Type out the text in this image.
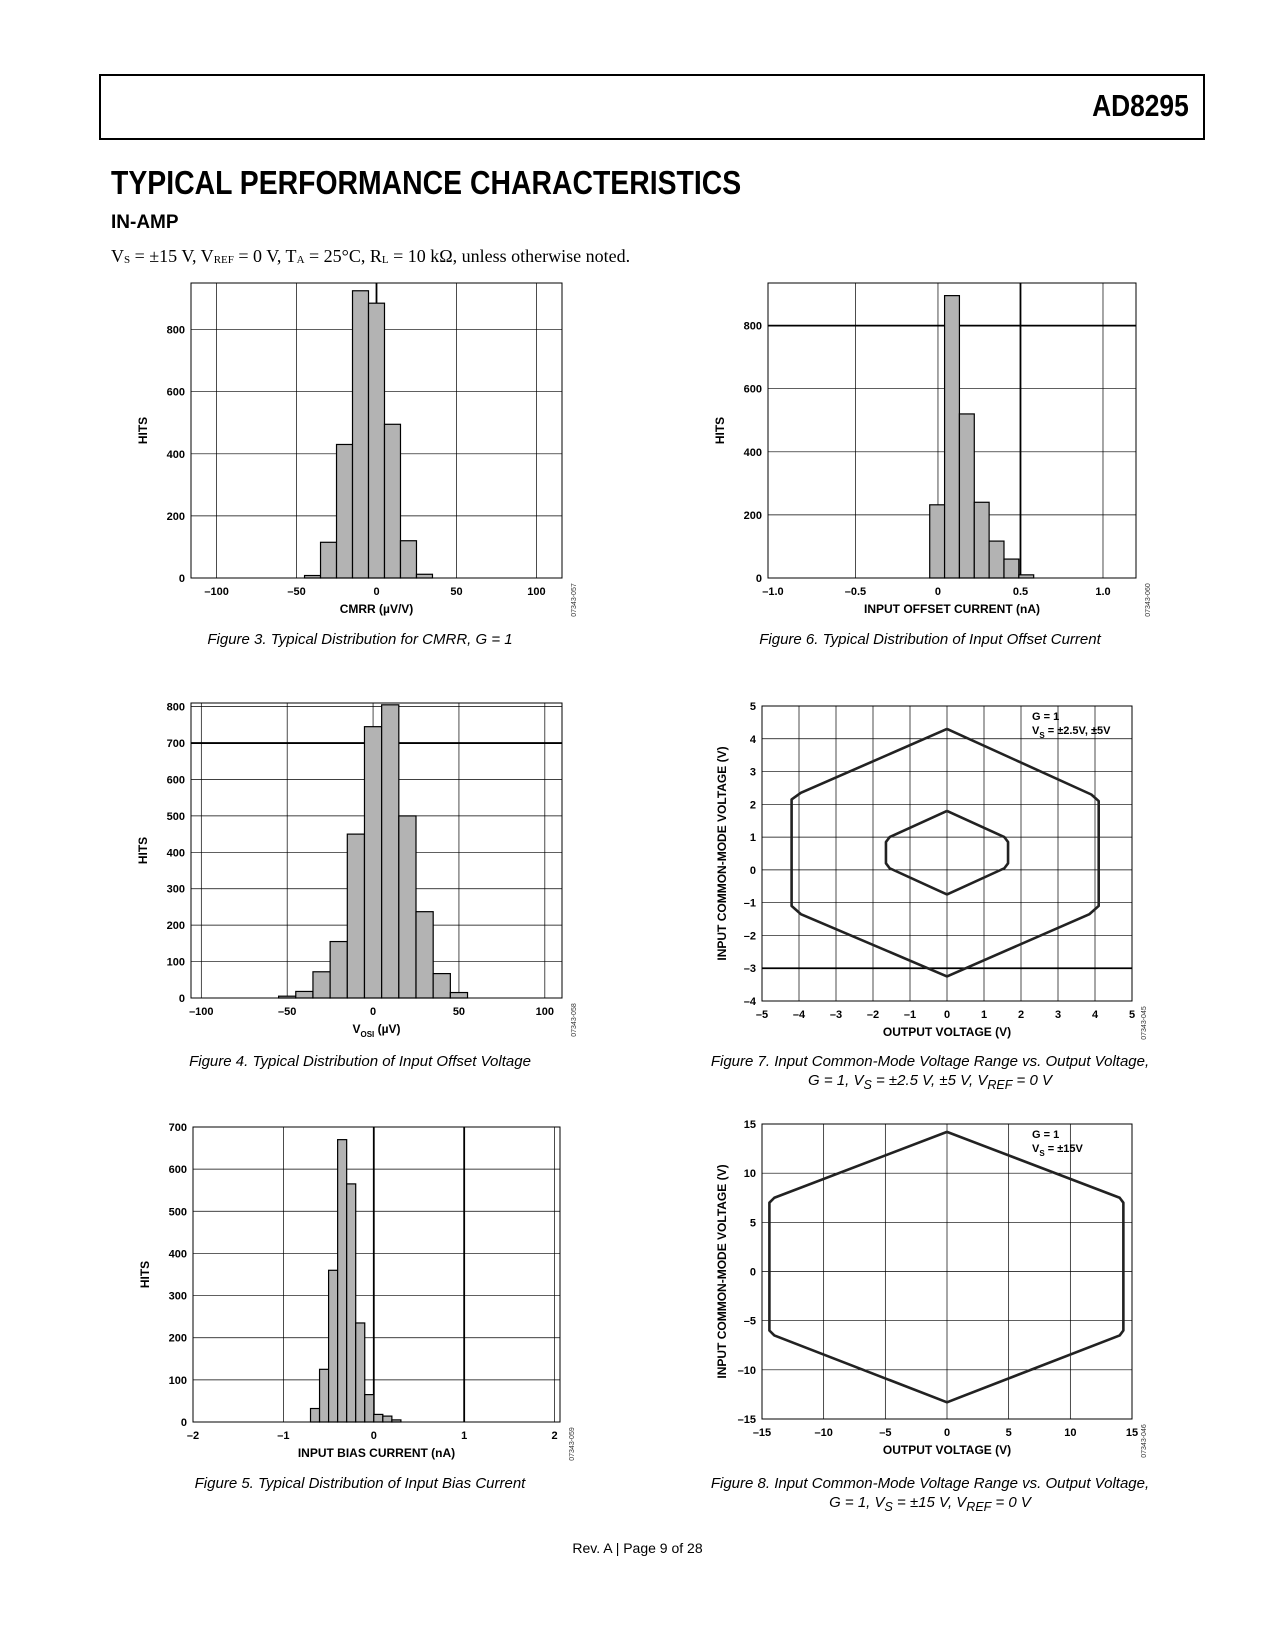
AD8295
TYPICAL PERFORMANCE CHARACTERISTICS
IN-AMP
$V_S = \pm 15$ V, $V_{REF} = 0$ V, $T_A = 25^\circ C$, $R_L = 10$ kΩ, unless otherwise noted.
–100	–50	0	50	100
0
200
400
600
800
CMRR (µV/V)
HITS
07343-057
–100	–50	0	50	100
0
100
200
300
400
500
600
700
800
$V_{OSI}$ (µV)
HITS
07343-058
–2	–1	0	1	2
0
100
200
300
400
500
600
700
INPUT BIAS CURRENT (nA)
HITS
07343-059
–1.0	–0.5	0	0.5	1.0
0
200
400
600
800
INPUT OFFSET CURRENT (nA)
HITS
07343-060
–5 –4 –3 –2 –1	0	1	2	3	4	5
–4
–3
–2
–1
0
1
2
3
4
5
OUTPUT VOLTAGE (V)
INPUT COMMON-MODE VOLTAGE (V)
07343-045
G = 1
$V_S = \pm 2.5V$, ±5V
–15	–10	–5	0	5	10	15
–15
–10
–5
0
5
10
15
OUTPUT VOLTAGE (V)
INPUT COMMON-MODE VOLTAGE (V)
07343-046
G = 1
$V_S = \pm 15V$
Figure 3. Typical Distribution for CMRR, G = 1
Figure 4. Typical Distribution of Input Offset Voltage
Figure 5. Typical Distribution of Input Bias Current
Figure 6. Typical Distribution of Input Offset Current
Figure 7. Input Common-Mode Voltage Range vs. Output Voltage,
G = 1, $V_S = \pm 2.5$ V, ±5 V, $V_{REF} = 0$ V
Figure 8. Input Common-Mode Voltage Range vs. Output Voltage,
G = 1, $V_S = \pm 15$ V, $V_{REF} = 0$ V
Rev. A | Page 9 of 28
